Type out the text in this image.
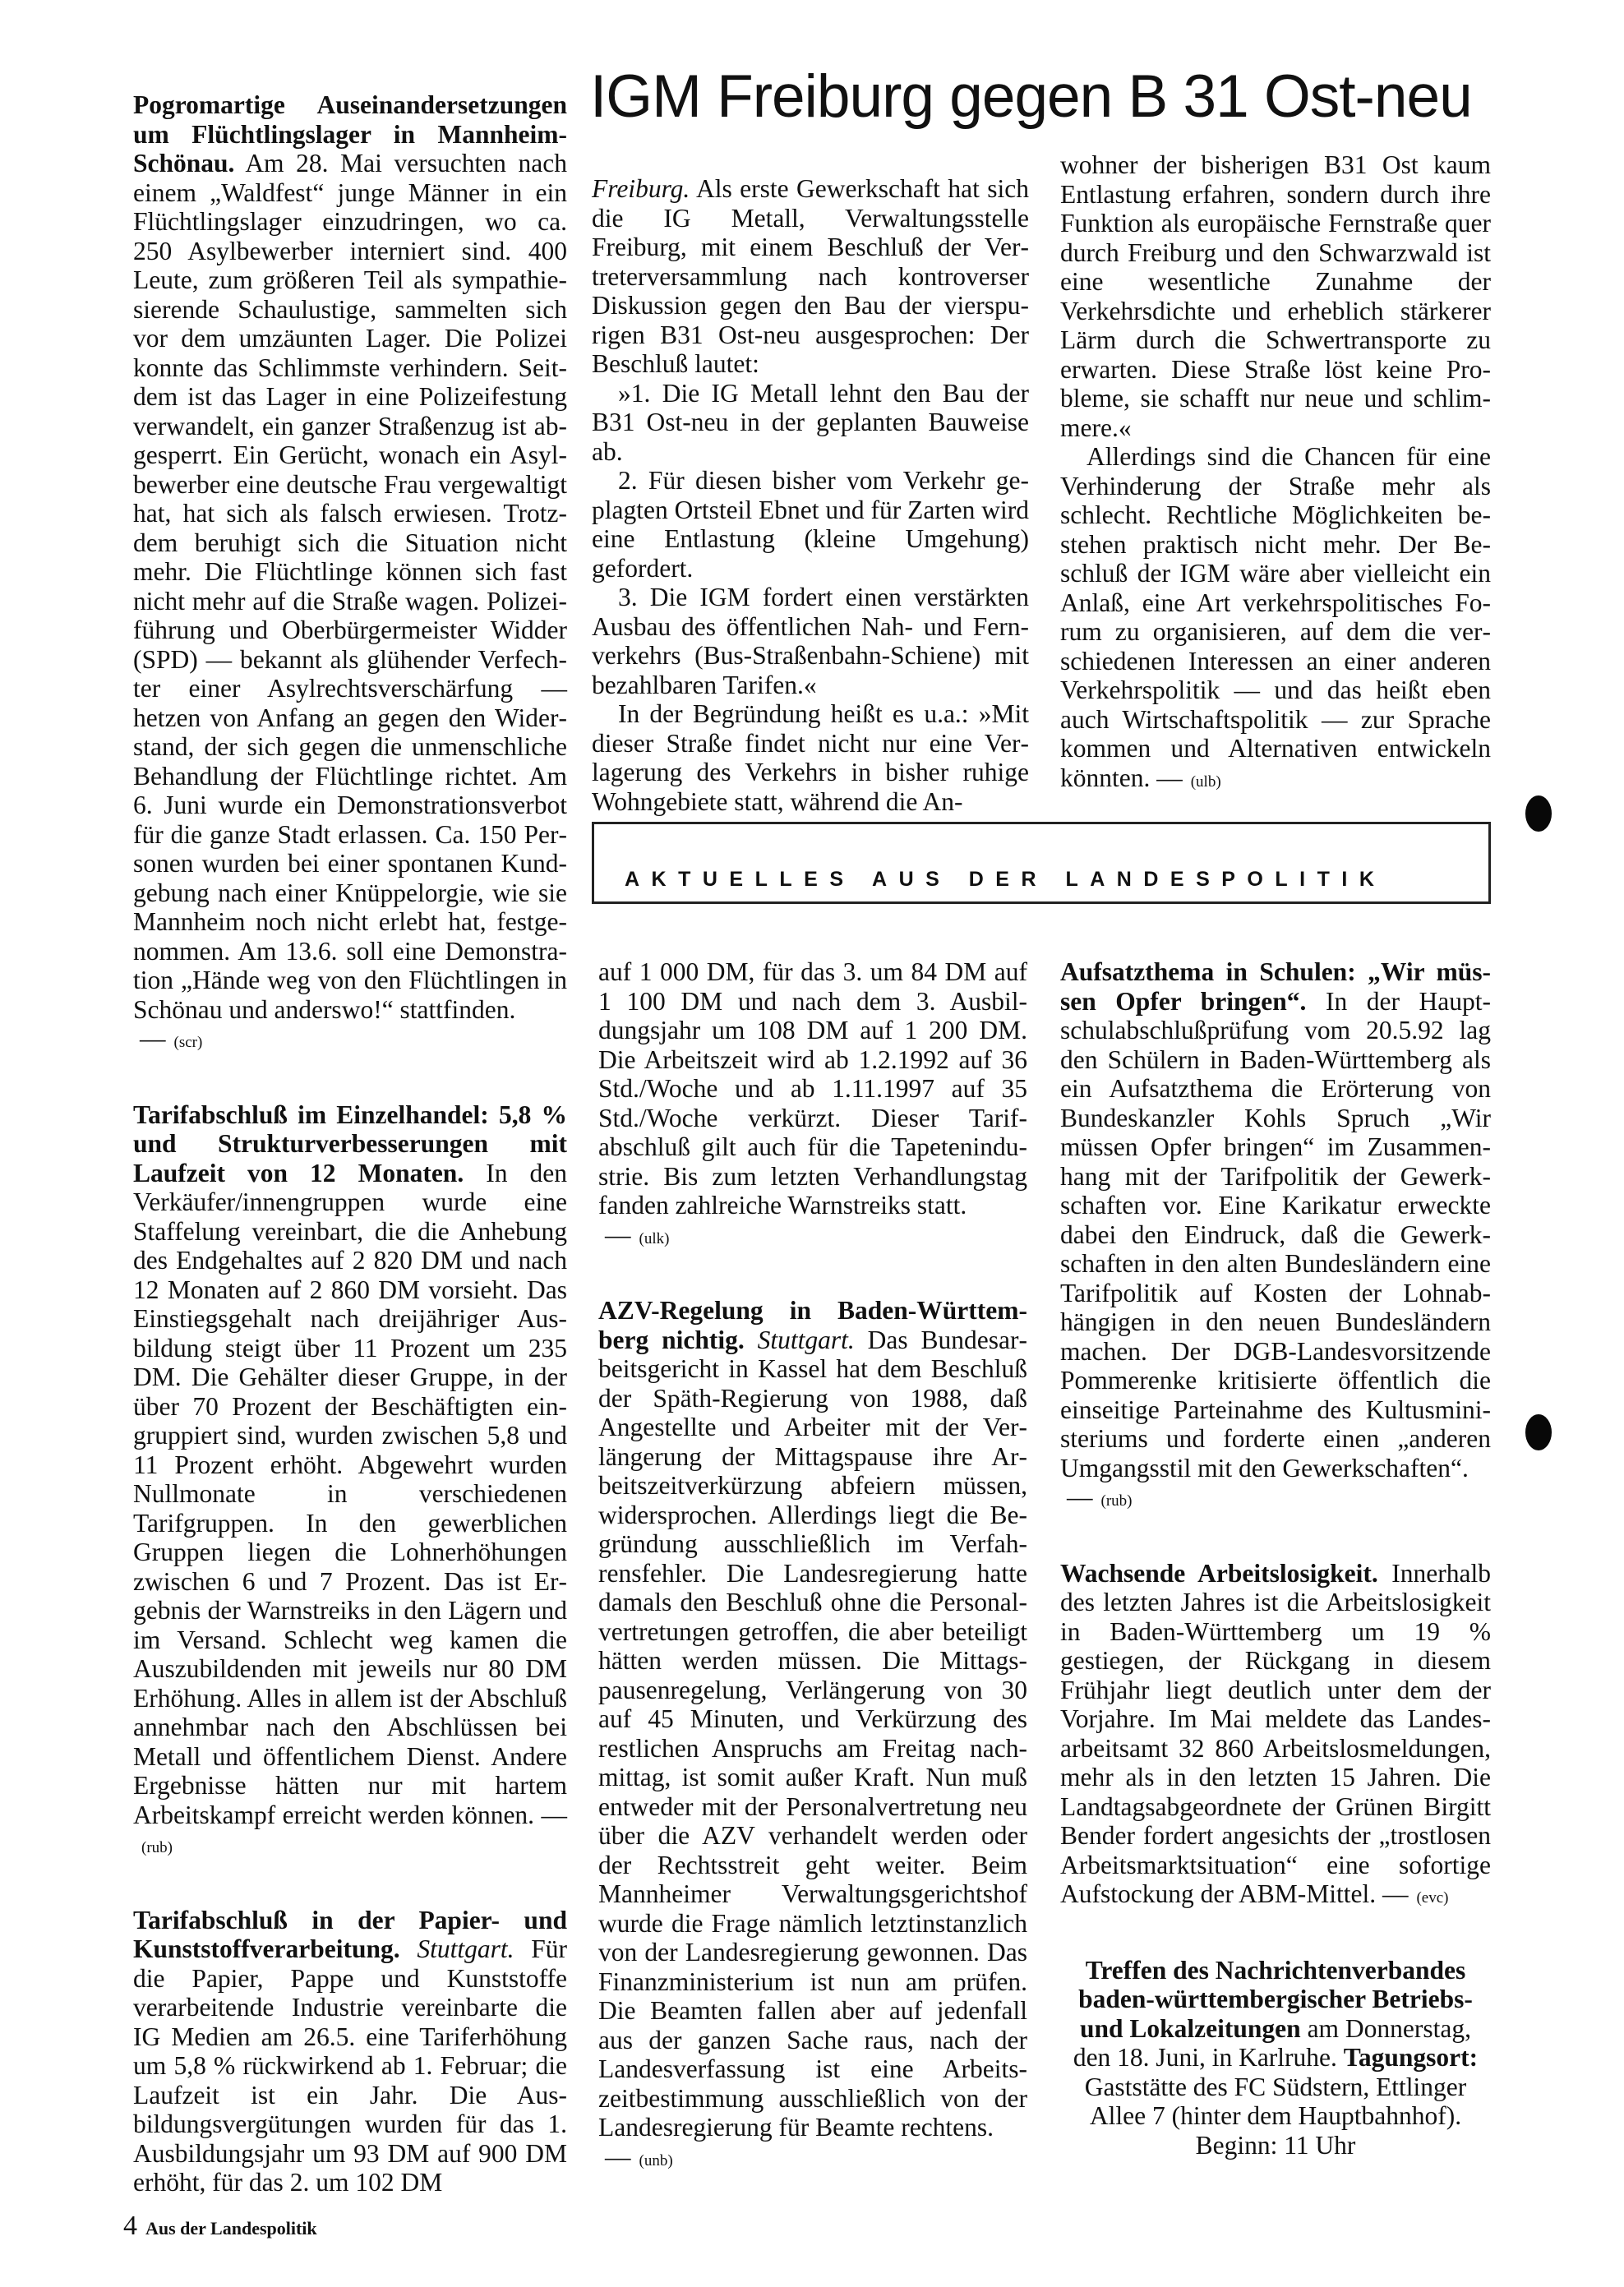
IGM Freiburg gegen B 31 Ost-neu

Pogromartige Auseinandersetzungen um Flüchtlingslager in Mannheim-Schönau. Am 28. Mai versuchten nach einem „Waldfest“ junge Männer in ein Flüchtlingslager einzudringen, wo ca. 250 Asylbewerber interniert sind. 400 Leute, zum größeren Teil als sympathiesierende Schaulustige, sammelten sich vor dem umzäunten Lager. Die Polizei konnte das Schlimmste verhindern. Seitdem ist das Lager in eine Polizeifestung verwandelt, ein ganzer Straßenzug ist abgesperrt. Ein Gerücht, wonach ein Asylbewerber eine deutsche Frau vergewaltigt hat, hat sich als falsch erwiesen. Trotzdem beruhigt sich die Situation nicht mehr. Die Flüchtlinge können sich fast nicht mehr auf die Straße wagen. Polizeiführung und Oberbürgermeister Widder (SPD) — bekannt als glühender Verfechter einer Asylrechtsverschärfung — hetzen von Anfang an gegen den Widerstand, der sich gegen die unmenschliche Behandlung der Flüchtlinge richtet. Am 6. Juni wurde ein Demonstrationsverbot für die ganze Stadt erlassen. Ca. 150 Personen wurden bei einer spontanen Kundgebung nach einer Knüppelorgie, wie sie Mannheim noch nicht erlebt hat, festgenommen. Am 13.6. soll eine Demonstration „Hände weg von den Flüchtlingen in Schönau und anderswo!“ stattfinden.

— (scr)

Tarifabschluß im Einzelhandel: 5,8 % und Strukturverbesserungen mit Laufzeit von 12 Monaten. In den Verkäufer/innengruppen wurde eine Staffelung vereinbart, die die Anhebung des Endgehaltes auf 2 820 DM und nach 12 Monaten auf 2 860 DM vorsieht. Das Einstiegsgehalt nach dreijähriger Ausbildung steigt über 11 Prozent um 235 DM. Die Gehälter dieser Gruppe, in der über 70 Prozent der Beschäftigten eingruppiert sind, wurden zwischen 5,8 und 11 Prozent erhöht. Abgewehrt wurden Nullmonate in verschiedenen Tarifgruppen. In den gewerblichen Gruppen liegen die Lohnerhöhungen zwischen 6 und 7 Prozent. Das ist Ergebnis der Warnstreiks in den Lägern und im Versand. Schlecht weg kamen die Auszubildenden mit jeweils nur 80 DM Erhöhung. Alles in allem ist der Abschluß annehmbar nach den Abschlüssen bei Metall und öffentlichem Dienst. Andere Ergebnisse hätten nur mit hartem Arbeitskampf erreicht werden können. —(rub)

Tarifabschluß in der Papier- und Kunststoffverarbeitung. Stuttgart. Für die Papier, Pappe und Kunststoffe verarbeitende Industrie vereinbarte die IG Medien am 26.5. eine Tariferhöhung um 5,8 % rückwirkend ab 1. Februar; die Laufzeit ist ein Jahr. Die Ausbildungsvergütungen wurden für das 1. Ausbildungsjahr um 93 DM auf 900 DM erhöht, für das 2. um 102 DM

Freiburg. Als erste Gewerkschaft hat sich die IG Metall, Verwaltungsstelle Freiburg, mit einem Beschluß der Vertreterversammlung nach kontroverser Diskussion gegen den Bau der vierspurigen B31 Ost-neu ausgesprochen: Der Beschluß lautet:

»1. Die IG Metall lehnt den Bau der B31 Ost-neu in der geplanten Bauweise ab.

2. Für diesen bisher vom Verkehr geplagten Ortsteil Ebnet und für Zarten wird eine Entlastung (kleine Umgehung) gefordert.

3. Die IGM fordert einen verstärkten Ausbau des öffentlichen Nah- und Fernverkehrs (Bus-Straßenbahn-Schiene) mit bezahlbaren Tarifen.«

In der Begründung heißt es u.a.: »Mit dieser Straße findet nicht nur eine Verlagerung des Verkehrs in bisher ruhige Wohngebiete statt, während die An-

wohner der bisherigen B31 Ost kaum Entlastung erfahren, sondern durch ihre Funktion als europäische Fernstraße quer durch Freiburg und den Schwarzwald ist eine wesentliche Zunahme der Verkehrsdichte und erheblich stärkerer Lärm durch die Schwertransporte zu erwarten. Diese Straße löst keine Probleme, sie schafft nur neue und schlimmere.«

Allerdings sind die Chancen für eine Verhinderung der Straße mehr als schlecht. Rechtliche Möglichkeiten bestehen praktisch nicht mehr. Der Beschluß der IGM wäre aber vielleicht ein Anlaß, eine Art verkehrspolitisches Forum zu organisieren, auf dem die verschiedenen Interessen an einer anderen Verkehrspolitik — und das heißt eben auch Wirtschaftspolitik — zur Sprache kommen und Alternativen entwickeln könnten. — (ulb)

AKTUELLES AUS DER LANDESPOLITIK

auf 1 000 DM, für das 3. um 84 DM auf 1 100 DM und nach dem 3. Ausbildungsjahr um 108 DM auf 1 200 DM. Die Arbeitszeit wird ab 1.2.1992 auf 36 Std./Woche und ab 1.11.1997 auf 35 Std./Woche verkürzt. Dieser Tarifabschluß gilt auch für die Tapetenindustrie. Bis zum letzten Verhandlungstag fanden zahlreiche Warnstreiks statt.

— (ulk)

AZV-Regelung in Baden-Württemberg nichtig. Stuttgart. Das Bundesarbeitsgericht in Kassel hat dem Beschluß der Späth-Regierung von 1988, daß Angestellte und Arbeiter mit der Verlängerung der Mittagspause ihre Arbeitszeitverkürzung abfeiern müssen, widersprochen. Allerdings liegt die Begründung ausschließlich im Verfahrensfehler. Die Landesregierung hatte damals den Beschluß ohne die Personalvertretungen getroffen, die aber beteiligt hätten werden müssen. Die Mittagspausenregelung, Verlängerung von 30 auf 45 Minuten, und Verkürzung des restlichen Anspruchs am Freitag nachmittag, ist somit außer Kraft. Nun muß entweder mit der Personalvertretung neu über die AZV verhandelt werden oder der Rechtsstreit geht weiter. Beim Mannheimer Verwaltungsgerichtshof wurde die Frage nämlich letztinstanzlich von der Landesregierung gewonnen. Das Finanzministerium ist nun am prüfen. Die Beamten fallen aber auf jedenfall aus der ganzen Sache raus, nach der Landesverfassung ist eine Arbeitszeitbestimmung ausschließlich von der Landesregierung für Beamte rechtens.

— (unb)

Aufsatzthema in Schulen: „Wir müssen Opfer bringen“. In der Hauptschulabschlußprüfung vom 20.5.92 lag den Schülern in Baden-Württemberg als ein Aufsatzthema die Erörterung von Bundeskanzler Kohls Spruch „Wir müssen Opfer bringen“ im Zusammenhang mit der Tarifpolitik der Gewerkschaften vor. Eine Karikatur erweckte dabei den Eindruck, daß die Gewerkschaften in den alten Bundesländern eine Tarifpolitik auf Kosten der Lohnabhängigen in den neuen Bundesländern machen. Der DGB-Landesvorsitzende Pommerenke kritisierte öffentlich die einseitige Parteinahme des Kultusministeriums und forderte einen „anderen Umgangsstil mit den Gewerkschaften“.

— (rub)

Wachsende Arbeitslosigkeit. Innerhalb des letzten Jahres ist die Arbeitslosigkeit in Baden-Württemberg um 19 % gestiegen, der Rückgang in diesem Frühjahr liegt deutlich unter dem der Vorjahre. Im Mai meldete das Landesarbeitsamt 32 860 Arbeitslosmeldungen, mehr als in den letzten 15 Jahren. Die Landtagsabgeordnete der Grünen Birgitt Bender fordert angesichts der „trostlosen Arbeitsmarktsituation“ eine sofortige Aufstockung der ABM-Mittel. — (evc)

Treffen des Nachrichtenverbandes baden-württembergischer Betriebs- und Lokalzeitungen am Donnerstag, den 18. Juni, in Karlruhe. Tagungsort: Gaststätte des FC Südstern, Ettlinger Allee 7 (hinter dem Hauptbahnhof). Beginn: 11 Uhr

4 Aus der Landespolitik
